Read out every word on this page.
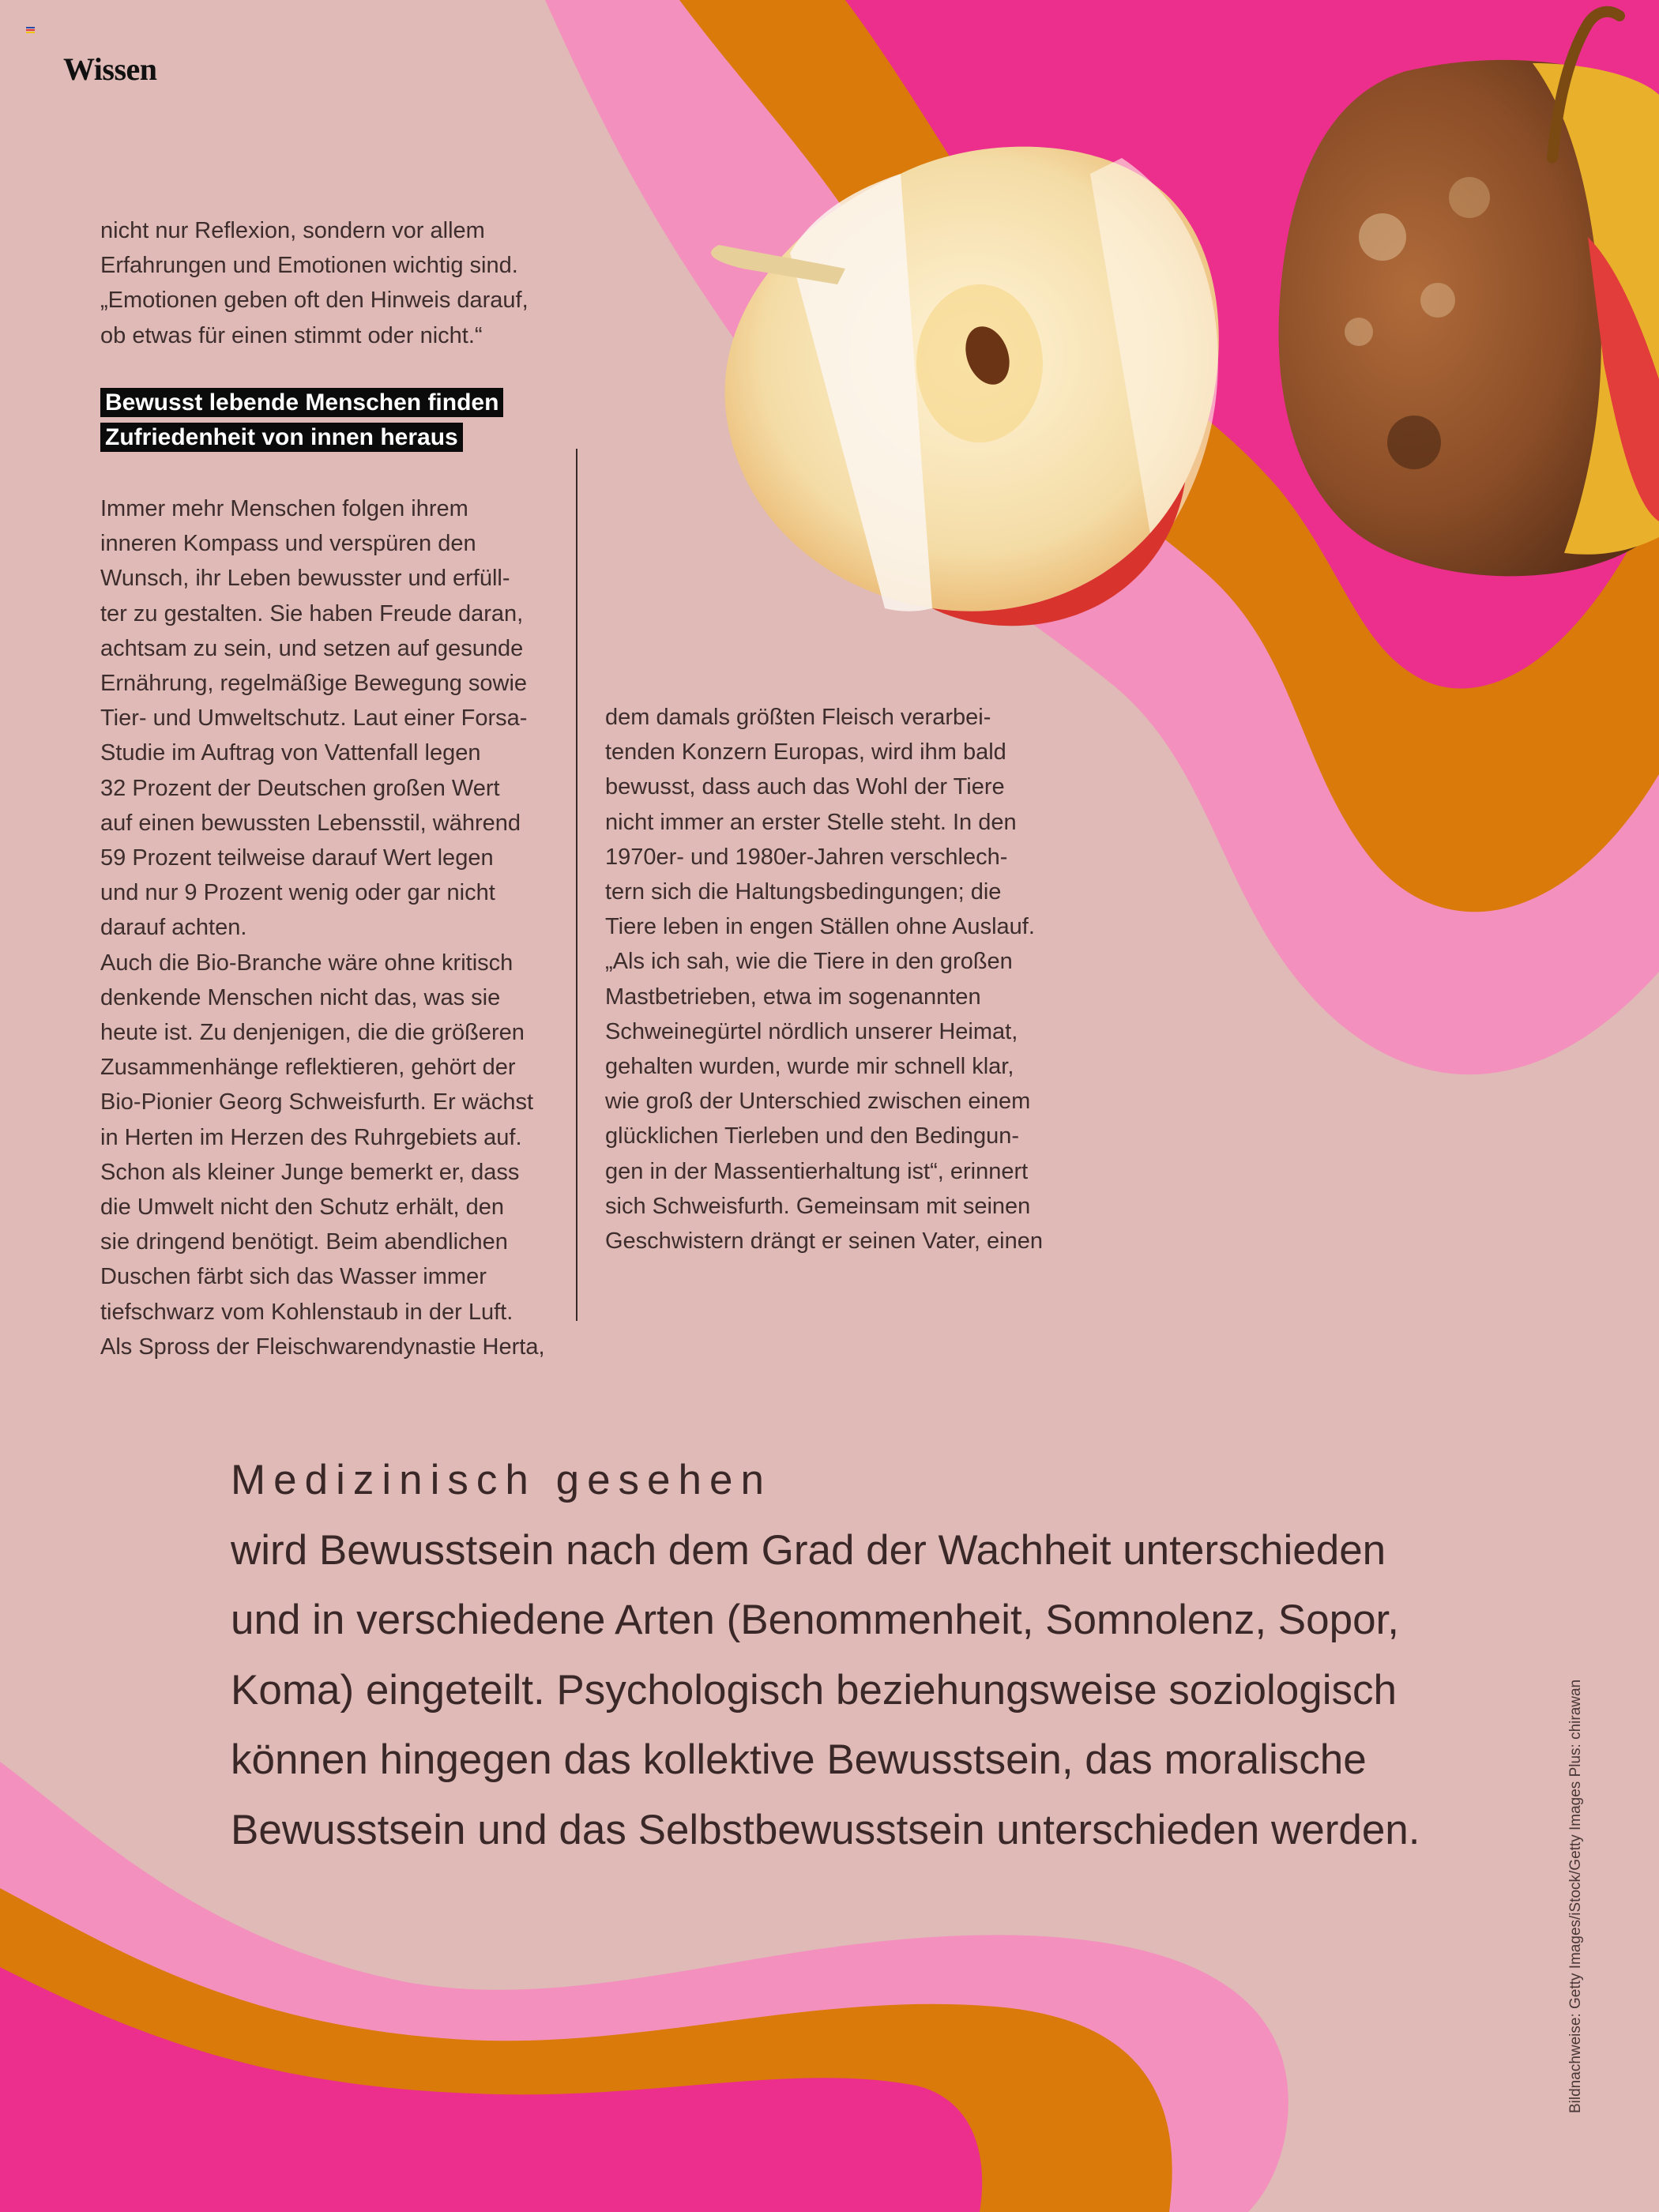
Wissen

nicht nur Reflexion, sondern vor allem

Erfahrungen und Emotionen wichtig sind.

„Emotionen geben oft den Hinweis darauf,

ob etwas für einen stimmt oder nicht.“

Bewusst lebende Menschen finden
Zufriedenheit von innen heraus

Immer mehr Menschen folgen ihrem

inneren Kompass und verspüren den

Wunsch, ihr Leben bewusster und erfüll-

ter zu gestalten. Sie haben Freude daran,

achtsam zu sein, und setzen auf gesunde

Ernährung, regelmäßige Bewegung sowie

Tier- und Umweltschutz. Laut einer Forsa-

Studie im Auftrag von Vattenfall legen

32 Prozent der Deutschen großen Wert

auf einen bewussten Lebensstil, während

59 Prozent teilweise darauf Wert legen

und nur 9 Prozent wenig oder gar nicht

darauf achten.

Auch die Bio-Branche wäre ohne kritisch

denkende Menschen nicht das, was sie

heute ist. Zu denjenigen, die die größeren

Zusammenhänge reflektieren, gehört der

Bio-Pionier Georg Schweisfurth. Er wächst

in Herten im Herzen des Ruhrgebiets auf.

Schon als kleiner Junge bemerkt er, dass

die Umwelt nicht den Schutz erhält, den

sie dringend benötigt. Beim abendlichen

Duschen färbt sich das Wasser immer

tiefschwarz vom Kohlenstaub in der Luft.

Als Spross der Fleischwarendynastie Herta,

dem damals größten Fleisch verarbei-

tenden Konzern Europas, wird ihm bald

bewusst, dass auch das Wohl der Tiere

nicht immer an erster Stelle steht. In den

1970er- und 1980er-Jahren verschlech-

tern sich die Haltungsbedingungen; die

Tiere leben in engen Ställen ohne Auslauf.

„Als ich sah, wie die Tiere in den großen

Mastbetrieben, etwa im sogenannten

Schweinegürtel nördlich unserer Heimat,

gehalten wurden, wurde mir schnell klar,

wie groß der Unterschied zwischen einem

glücklichen Tierleben und den Bedingun-

gen in der Massentierhaltung ist“, erinnert

sich Schweisfurth. Gemeinsam mit seinen

Geschwistern drängt er seinen Vater, einen

Medizinisch gesehen
wird Bewusstsein nach dem Grad der Wachheit unterschieden
und in verschiedene Arten (Benommenheit, Somnolenz, Sopor,
Koma) eingeteilt. Psychologisch beziehungsweise soziologisch
können hingegen das kollektive Bewusstsein, das moralische
Bewusstsein und das Selbstbewusstsein unterschieden werden.	Bildnachweise: Getty Images/iStock/Getty Images Plus: chirawan
